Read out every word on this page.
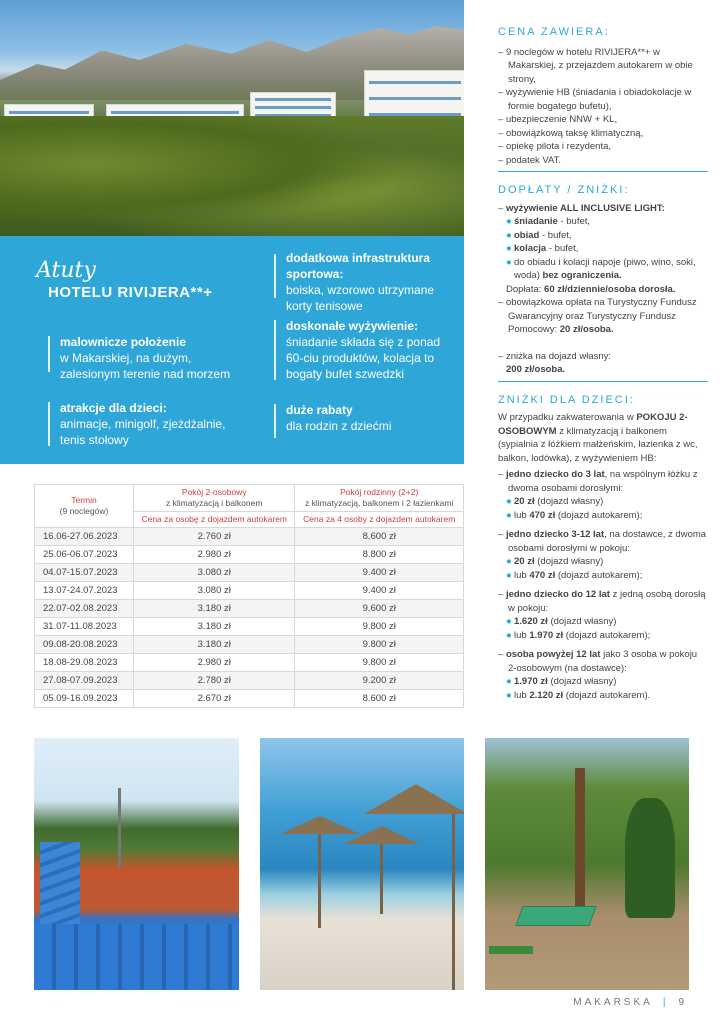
Atuty
HOTELU RIVIJERA**+
malownicze położenie
w Makarskiej, na dużym, zalesionym terenie nad morzem
atrakcje dla dzieci:
animacje, minigolf, zjeżdżalnie, tenis stołowy
dodatkowa infrastruktura sportowa:
boiska, wzorowo utrzymane korty tenisowe
doskonałe wyżywienie:
śniadanie składa się z ponad 60-ciu produktów, kolacja to bogaty bufet szwedzki
duże rabaty
dla rodzin z dziećmi
CENA ZAWIERA:
– 9 noclegów w hotelu RIVIJERA**+ w Makarskiej, z przejazdem autokarem w obie strony,
– wyżywienie HB (śniadania i obiadokolacje w formie bogatego bufetu),
– ubezpieczenie NNW + KL,
– obowiązkową taksę klimatyczną,
– opiekę pilota i rezydenta,
– podatek VAT.
DOPŁATY / ZNIŻKI:
– wyżywienie ALL INCLUSIVE LIGHT:
● śniadanie - bufet,
● obiad - bufet,
● kolacja - bufet,
● do obiadu i kolacji napoje (piwo, wino, soki, woda) bez ograniczenia.
Dopłata: 60 zł/dziennie/osoba dorosła.
– obowiązkowa opłata na Turystyczny Fundusz Gwarancyjny oraz Turystyczny Fundusz Pomocowy: 20 zł/osoba.
– zniżka na dojazd własny:
200 zł/osoba.
ZNIŻKI DLA DZIECI:
W przypadku zakwaterowania w POKOJU 2-OSOBOWYM z klimatyzacją i balkonem (sypialnia z łóżkiem małżeńskim, łazienka z wc, balkon, lodówka), z wyżywieniem HB:
– jedno dziecko do 3 lat, na wspólnym łóżku z dwoma osobami dorosłymi:
● 20 zł (dojazd własny)
● lub 470 zł (dojazd autokarem);
– jedno dziecko 3-12 lat, na dostawce, z dwoma osobami dorosłymi w pokoju:
● 20 zł (dojazd własny)
● lub 470 zł (dojazd autokarem);
– jedno dziecko do 12 lat z jedną osobą dorosłą w pokoju:
● 1.620 zł (dojazd własny)
● lub 1.970 zł (dojazd autokarem);
– osoba powyżej 12 lat jako 3 osoba w pokoju 2-osobowym (na dostawce):
● 1.970 zł (dojazd własny)
● lub 2.120 zł (dojazd autokarem).
Termin
(9 noclegów)	Pokój 2-osobowy
z klimatyzacją i balkonem	Pokój rodzinny (2+2)
z klimatyzacją, balkonem i 2 łazienkami
	Cena za osobę z dojazdem autokarem	Cena za 4 osoby z dojazdem autokarem
16.06-27.06.2023	2.760 zł	8.600 zł
25.06-06.07.2023	2.980 zł	8.800 zł
04.07-15.07.2023	3.080 zł	9.400 zł
13.07-24.07.2023	3.080 zł	9.400 zł
22.07-02.08.2023	3.180 zł	9.600 zł
31.07-11.08.2023	3.180 zł	9.800 zł
09.08-20.08.2023	3.180 zł	9.800 zł
18.08-29.08.2023	2.980 zł	9.800 zł
27.08-07.09.2023	2.780 zł	9.200 zł
05.09-16.09.2023	2.670 zł	8.600 zł
MAKARSKA | 9
